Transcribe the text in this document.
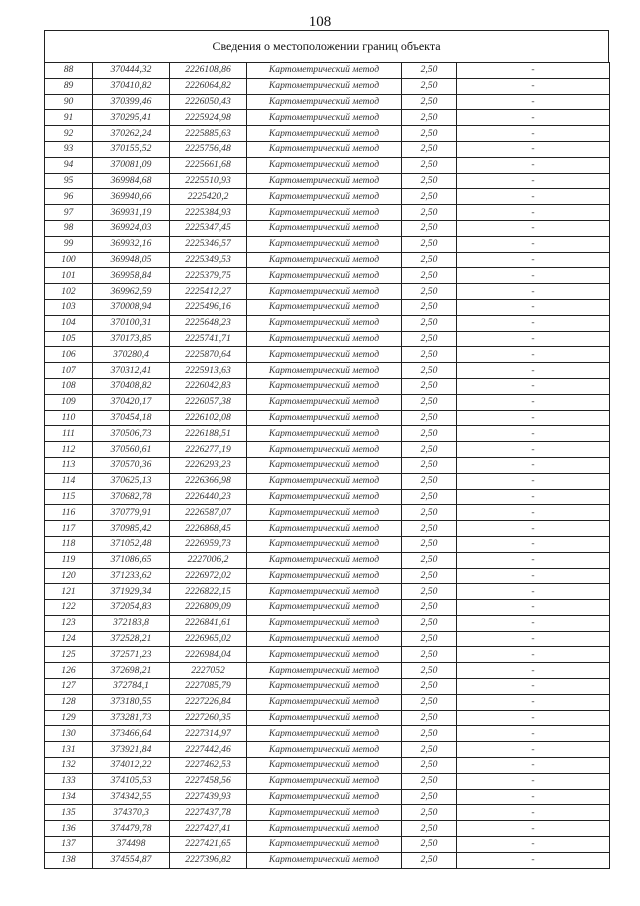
108
Сведения о местоположении границ объекта
88	370444,32	2226108,86	Картометрический метод	2,50	-
89	370410,82	2226064,82	Картометрический метод	2,50	-
90	370399,46	2226050,43	Картометрический метод	2,50	-
91	370295,41	2225924,98	Картометрический метод	2,50	-
92	370262,24	2225885,63	Картометрический метод	2,50	-
93	370155,52	2225756,48	Картометрический метод	2,50	-
94	370081,09	2225661,68	Картометрический метод	2,50	-
95	369984,68	2225510,93	Картометрический метод	2,50	-
96	369940,66	2225420,2	Картометрический метод	2,50	-
97	369931,19	2225384,93	Картометрический метод	2,50	-
98	369924,03	2225347,45	Картометрический метод	2,50	-
99	369932,16	2225346,57	Картометрический метод	2,50	-
100	369948,05	2225349,53	Картометрический метод	2,50	-
101	369958,84	2225379,75	Картометрический метод	2,50	-
102	369962,59	2225412,27	Картометрический метод	2,50	-
103	370008,94	2225496,16	Картометрический метод	2,50	-
104	370100,31	2225648,23	Картометрический метод	2,50	-
105	370173,85	2225741,71	Картометрический метод	2,50	-
106	370280,4	2225870,64	Картометрический метод	2,50	-
107	370312,41	2225913,63	Картометрический метод	2,50	-
108	370408,82	2226042,83	Картометрический метод	2,50	-
109	370420,17	2226057,38	Картометрический метод	2,50	-
110	370454,18	2226102,08	Картометрический метод	2,50	-
111	370506,73	2226188,51	Картометрический метод	2,50	-
112	370560,61	2226277,19	Картометрический метод	2,50	-
113	370570,36	2226293,23	Картометрический метод	2,50	-
114	370625,13	2226366,98	Картометрический метод	2,50	-
115	370682,78	2226440,23	Картометрический метод	2,50	-
116	370779,91	2226587,07	Картометрический метод	2,50	-
117	370985,42	2226868,45	Картометрический метод	2,50	-
118	371052,48	2226959,73	Картометрический метод	2,50	-
119	371086,65	2227006,2	Картометрический метод	2,50	-
120	371233,62	2226972,02	Картометрический метод	2,50	-
121	371929,34	2226822,15	Картометрический метод	2,50	-
122	372054,83	2226809,09	Картометрический метод	2,50	-
123	372183,8	2226841,61	Картометрический метод	2,50	-
124	372528,21	2226965,02	Картометрический метод	2,50	-
125	372571,23	2226984,04	Картометрический метод	2,50	-
126	372698,21	2227052	Картометрический метод	2,50	-
127	372784,1	2227085,79	Картометрический метод	2,50	-
128	373180,55	2227226,84	Картометрический метод	2,50	-
129	373281,73	2227260,35	Картометрический метод	2,50	-
130	373466,64	2227314,97	Картометрический метод	2,50	-
131	373921,84	2227442,46	Картометрический метод	2,50	-
132	374012,22	2227462,53	Картометрический метод	2,50	-
133	374105,53	2227458,56	Картометрический метод	2,50	-
134	374342,55	2227439,93	Картометрический метод	2,50	-
135	374370,3	2227437,78	Картометрический метод	2,50	-
136	374479,78	2227427,41	Картометрический метод	2,50	-
137	374498	2227421,65	Картометрический метод	2,50	-
138	374554,87	2227396,82	Картометрический метод	2,50	-
